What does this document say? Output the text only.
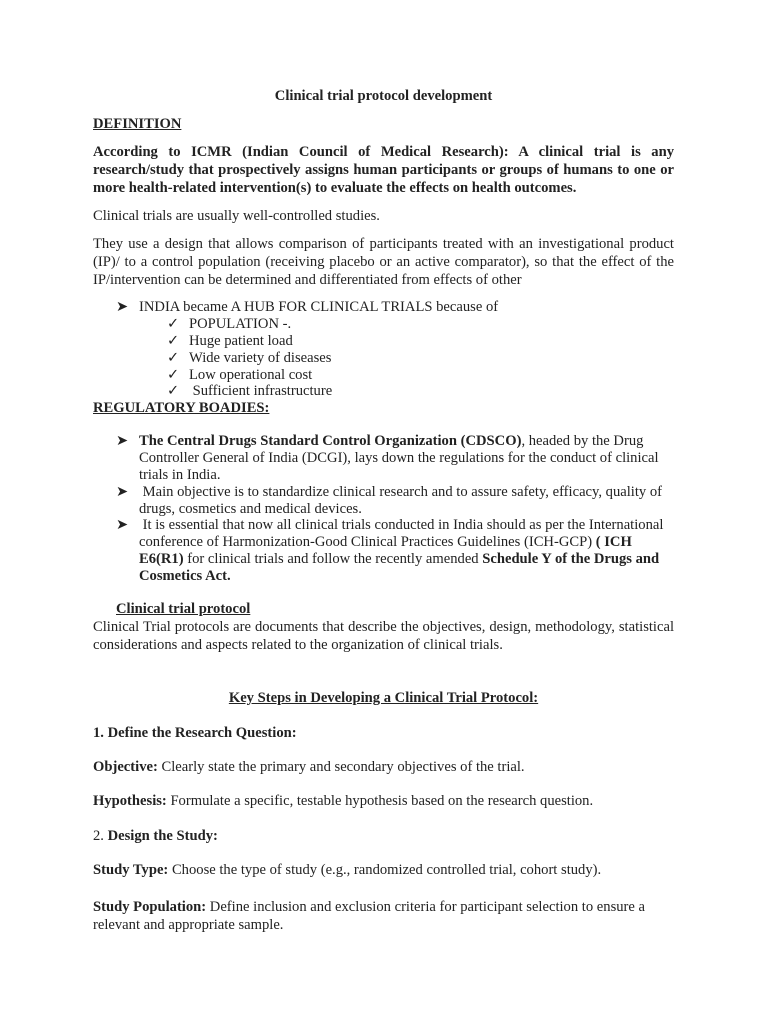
Clinical trial protocol development

DEFINITION

According to ICMR (Indian Council of Medical Research): A clinical trial is any research/study that prospectively assigns human participants or groups of humans to one or more health-related intervention(s) to evaluate the effects on health outcomes.

Clinical trials are usually well-controlled studies.

They use a design that allows comparison of participants treated with an investigational product (IP)/ to a control population (receiving placebo or an active comparator), so that the effect of the IP/intervention can be determined and differentiated from effects of other

➤ INDIA became A HUB FOR CLINICAL TRIALS because of
✓ POPULATION -.
✓ Huge patient load
✓ Wide variety of diseases
✓ Low operational cost
✓ Sufficient infrastructure

REGULATORY BOADIES:

➤ The Central Drugs Standard Control Organization (CDSCO), headed by the Drug Controller General of India (DCGI), lays down the regulations for the conduct of clinical trials in India.
➤ Main objective is to standardize clinical research and to assure safety, efficacy, quality of drugs, cosmetics and medical devices.
➤ It is essential that now all clinical trials conducted in India should as per the International conference of Harmonization-Good Clinical Practices Guidelines (ICH-GCP) ( ICH E6(R1) for clinical trials and follow the recently amended Schedule Y of the Drugs and Cosmetics Act.

Clinical trial protocol

Clinical Trial protocols are documents that describe the objectives, design, methodology, statistical considerations and aspects related to the organization of clinical trials.

Key Steps in Developing a Clinical Trial Protocol:

1. Define the Research Question:

Objective: Clearly state the primary and secondary objectives of the trial.

Hypothesis: Formulate a specific, testable hypothesis based on the research question.

2. Design the Study:

Study Type: Choose the type of study (e.g., randomized controlled trial, cohort study).

Study Population: Define inclusion and exclusion criteria for participant selection to ensure a relevant and appropriate sample.
